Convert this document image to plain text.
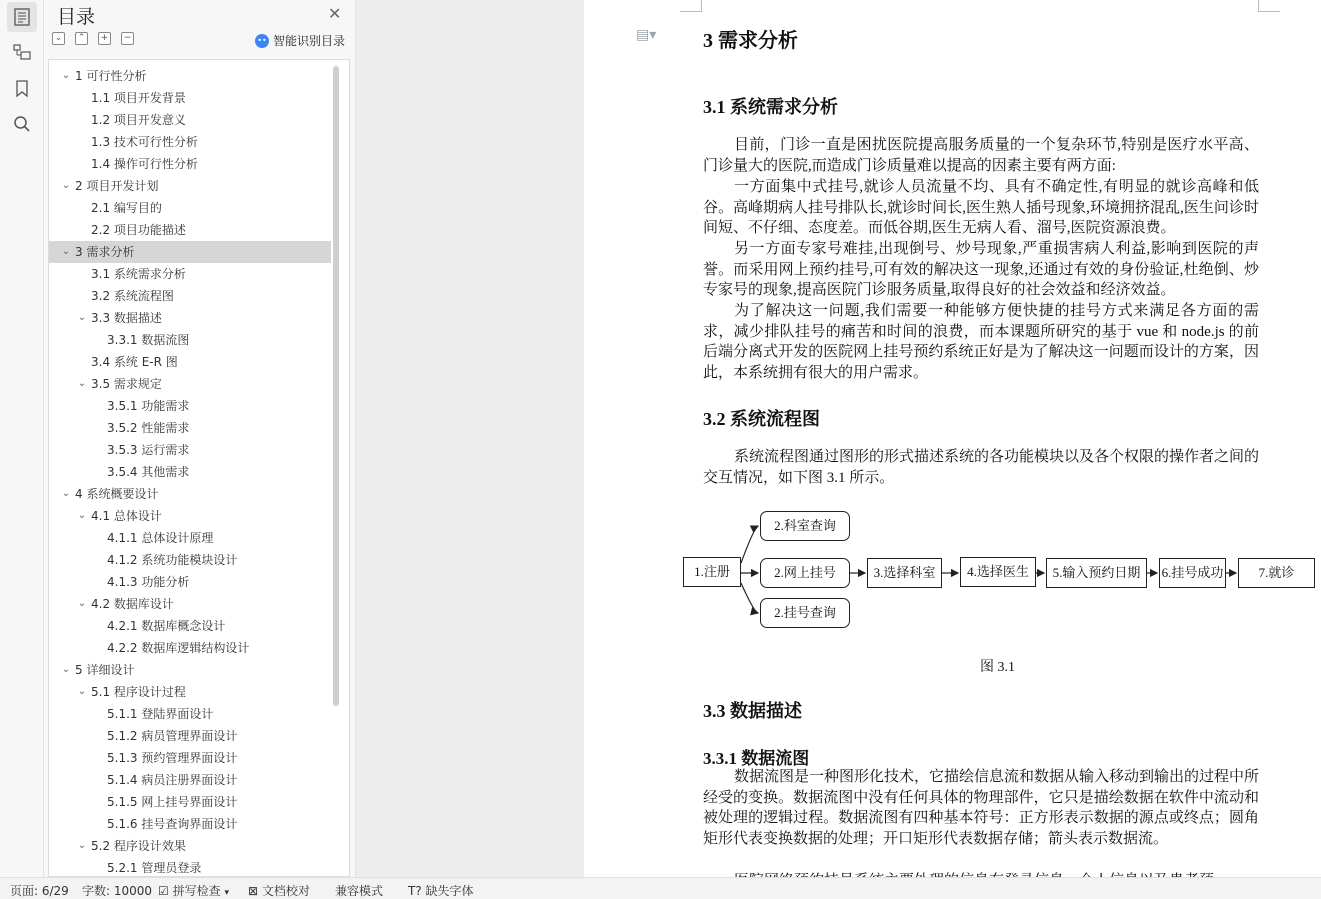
目录	✕
⌄	⌃	+	−	•• 智能识别目录
⌄ 1 可行性分析
1.1 项目开发背景
1.2 项目开发意义
1.3 技术可行性分析
1.4 操作可行性分析
⌄ 2 项目开发计划
2.1 编写目的
2.2 项目功能描述
⌄ 3 需求分析
3.1 系统需求分析
3.2 系统流程图
⌄ 3.3 数据描述
3.3.1 数据流图
3.4 系统 E-R 图
⌄ 3.5 需求规定
3.5.1 功能需求
3.5.2 性能需求
3.5.3 运行需求
3.5.4 其他需求
⌄ 4 系统概要设计
⌄ 4.1 总体设计
4.1.1 总体设计原理
4.1.2 系统功能模块设计
4.1.3 功能分析
⌄ 4.2 数据库设计
4.2.1 数据库概念设计
4.2.2 数据库逻辑结构设计
⌄ 5 详细设计
⌄ 5.1 程序设计过程
5.1.1 登陆界面设计
5.1.2 病员管理界面设计
5.1.3 预约管理界面设计
5.1.4 病员注册界面设计
5.1.5 网上挂号界面设计
5.1.6 挂号查询界面设计
⌄ 5.2 程序设计效果
5.2.1 管理员登录
▤▾ 3 需求分析
3.1 系统需求分析
目前，门诊一直是困扰医院提高服务质量的一个复杂环节,特别是医疗水平高、门诊量大的医院,而造成门诊质量难以提高的因素主要有两方面:
一方面集中式挂号,就诊人员流量不均、具有不确定性,有明显的就诊高峰和低谷。高峰期病人挂号排队长,就诊时间长,医生熟人插号现象,环境拥挤混乱,医生问诊时间短、不仔细、态度差。而低谷期,医生无病人看、溜号,医院资源浪费。
另一方面专家号难挂,出现倒号、炒号现象,严重损害病人利益,影响到医院的声誉。而采用网上预约挂号,可有效的解决这一现象,还通过有效的身份验证,杜绝倒、炒专家号的现象,提高医院门诊服务质量,取得良好的社会效益和经济效益。
为了解决这一问题,我们需要一种能够方便快捷的挂号方式来满足各方面的需求，减少排队挂号的痛苦和时间的浪费，而本课题所研究的基于 vue 和 node.js 的前后端分离式开发的医院网上挂号预约系统正好是为了解决这一问题而设计的方案，因此，本系统拥有很大的用户需求。
3.2 系统流程图
系统流程图通过图形的形式描述系统的各功能模块以及各个权限的操作者之间的交互情况，如下图 3.1 所示。
1.注册
2.科室查询
2.网上挂号
2.挂号查询
3.选择科室	4.选择医生	5.输入预约日期	6.挂号成功	7.就诊
图 3.1
3.3 数据描述
3.3.1 数据流图
数据流图是一种图形化技术，它描绘信息流和数据从输入移动到输出的过程中所经受的变换。数据流图中没有任何具体的物理部件，它只是描绘数据在软件中流动和被处理的逻辑过程。数据流图有四种基本符号：正方形表示数据的源点或终点；圆角矩形代表变换数据的处理；开口矩形代表数据存储；箭头表示数据流。
页面: 6/29 字数: 10000 ☑ 拼写检查 ▾ ⊠ 文档校对 兼容模式 T? 缺失字体
